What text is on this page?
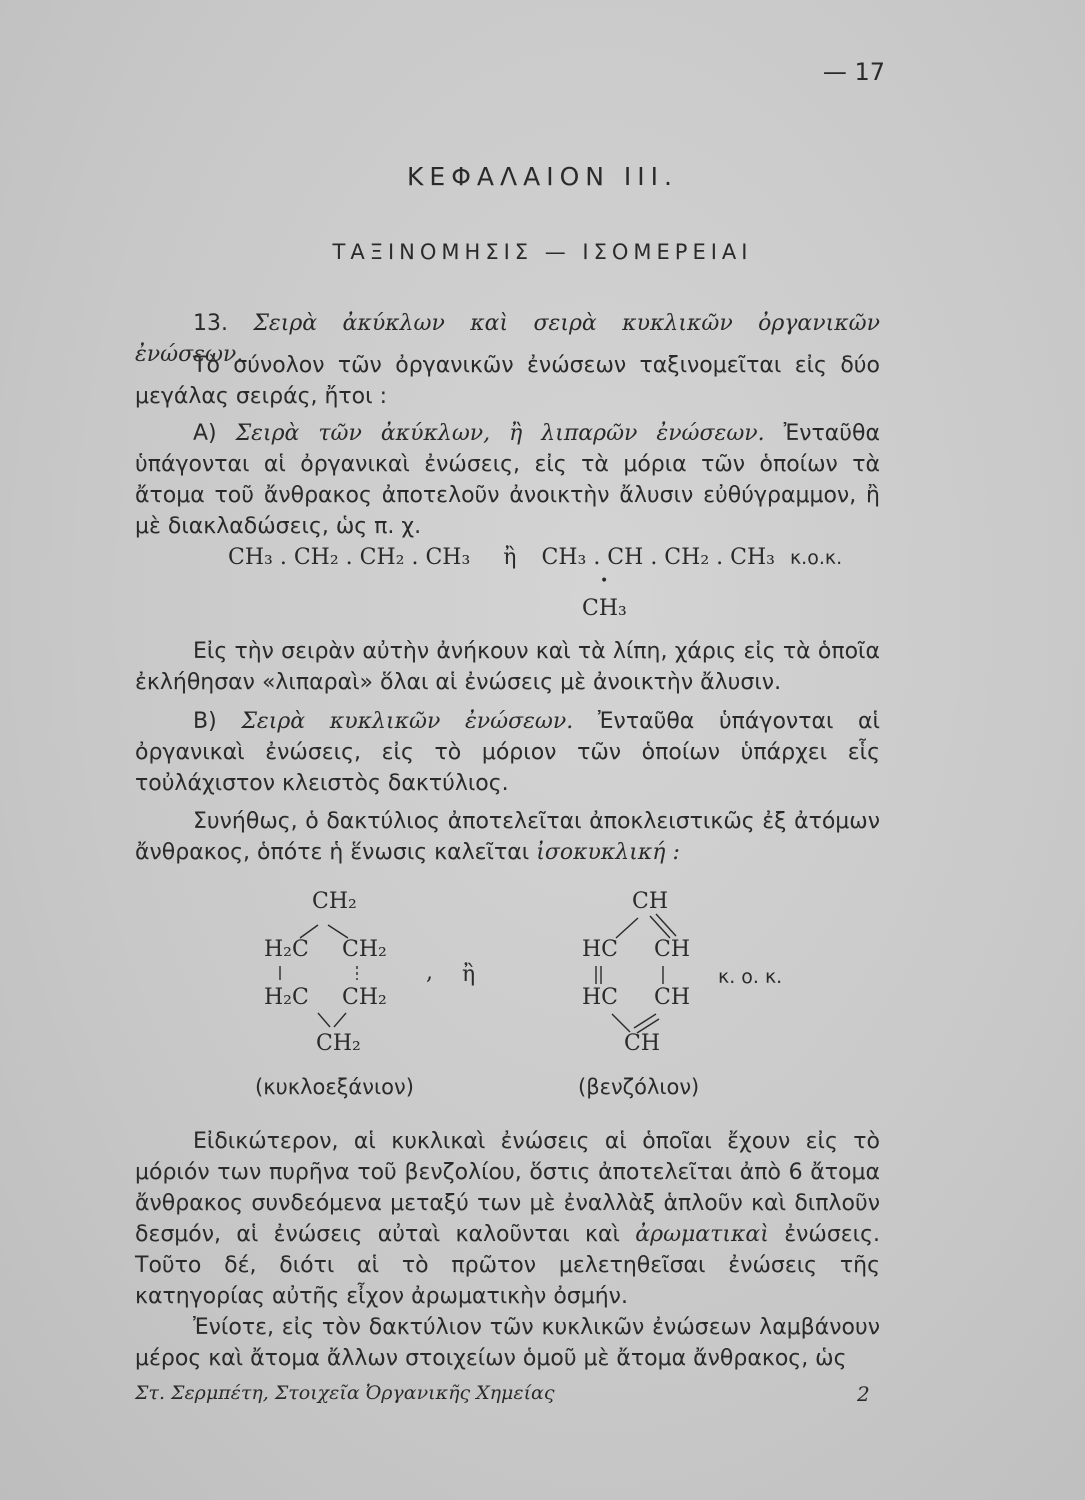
— 17
ΚΕΦΑΛΑΙΟΝ III.
ΤΑΞΙΝΟΜΗΣΙΣ — ΙΣΟΜΕΡΕΙΑΙ
13. Σειρὰ ἀκύκλων καὶ σειρὰ κυκλικῶν ὀργανικῶν ἐνώσεων.
Τὸ σύνολον τῶν ὀργανικῶν ἐνώσεων ταξινομεῖται εἰς δύο μεγάλας σειράς, ἤτοι :
Α) Σειρὰ τῶν ἀκύκλων, ἢ λιπαρῶν ἐνώσεων. Ἐνταῦθα ὑπάγονται αἱ ὀργανικαὶ ἐνώσεις, εἰς τὰ μόρια τῶν ὁποίων τὰ ἄτομα τοῦ ἄνθρακος ἀποτελοῦν ἀνοικτὴν ἄλυσιν εὐθύγραμμον, ἢ μὲ διακλαδώσεις, ὡς π. χ.
CH₃ . CH₂ . CH₂ . CH₃ ἢ CH₃ . CH . CH₂ . CH₃ κ.ο.κ.
•
CH₃
Εἰς τὴν σειρὰν αὐτὴν ἀνήκουν καὶ τὰ λίπη, χάρις εἰς τὰ ὁποῖα ἐκλήθησαν «λιπαραὶ» ὅλαι αἱ ἐνώσεις μὲ ἀνοικτὴν ἄλυσιν.
Β) Σειρὰ κυκλικῶν ἐνώσεων. Ἐνταῦθα ὑπάγονται αἱ ὀργανικαὶ ἐνώσεις, εἰς τὸ μόριον τῶν ὁποίων ὑπάρχει εἷς τοὐλάχιστον κλειστὸς δακτύλιος.
Συνήθως, ὁ δακτύλιος ἀποτελεῖται ἀποκλειστικῶς ἐξ ἀτόμων ἄνθρακος, ὁπότε ἡ ἕνωσις καλεῖται ἰσοκυκλική :
CH₂
H₂C CH₂
H₂C CH₂
CH₂
, ἢ
CH
HC CH
HC CH
CH
κ. ο. κ.
(κυκλοεξάνιον)	(βενζόλιον)
Εἰδικώτερον, αἱ κυκλικαὶ ἐνώσεις αἱ ὁποῖαι ἔχουν εἰς τὸ μόριόν των πυρῆνα τοῦ βενζολίου, ὅστις ἀποτελεῖται ἀπὸ 6 ἄτομα ἄνθρακος συνδεόμενα μεταξύ των μὲ ἐναλλὰξ ἁπλοῦν καὶ διπλοῦν δεσμόν, αἱ ἐνώσεις αὐταὶ καλοῦνται καὶ ἀρωματικαὶ ἐνώσεις. Τοῦτο δέ, διότι αἱ τὸ πρῶτον μελετηθεῖσαι ἐνώσεις τῆς κατηγορίας αὐτῆς εἶχον ἀρωματικὴν ὀσμήν.
Ἐνίοτε, εἰς τὸν δακτύλιον τῶν κυκλικῶν ἐνώσεων λαμβάνουν μέρος καὶ ἄτομα ἄλλων στοιχείων ὁμοῦ μὲ ἄτομα ἄνθρακος, ὡς
Στ. Σερμπέτη, Στοιχεῖα Ὀργανικῆς Χημείας	2
